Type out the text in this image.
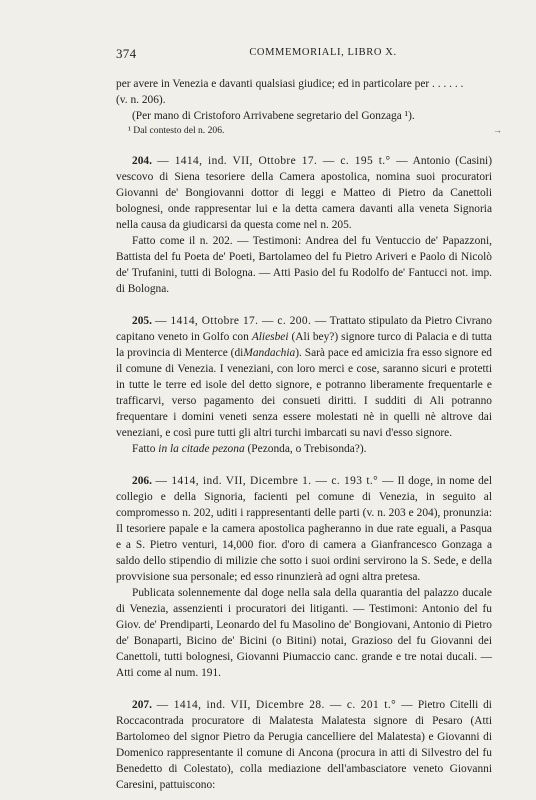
374	COMMEMORIALI, LIBRO X.

per avere in Venezia e davanti qualsiasi giudice; ed in particolare per . . . . . .

(v. n. 206).

(Per mano di Cristoforo Arrivabene segretario del Gonzaga ¹).

¹ Dal contesto del n. 206.	→

204. — 1414, ind. VII, Ottobre 17. — c. 195 t.° — Antonio (Casini) vescovo di Siena tesoriere della Camera apostolica, nomina suoi procuratori Giovanni de' Bongiovanni dottor di leggi e Matteo di Pietro da Canettoli bolognesi, onde rappresentar lui e la detta camera davanti alla veneta Signoria nella causa da giudicarsi da questa come nel n. 205.

Fatto come il n. 202. — Testimoni: Andrea del fu Ventuccio de' Papazzoni, Battista del fu Poeta de' Poeti, Bartolameo del fu Pietro Ariveri e Paolo di Nicolò de' Trufanini, tutti di Bologna. — Atti Pasio del fu Rodolfo de' Fantucci not. imp. di Bologna.

205. — 1414, Ottobre 17. — c. 200. — Trattato stipulato da Pietro Civrano capitano veneto in Golfo con Aliesbei (Ali bey?) signore turco di Palacia e di tutta la provincia di Menterce (diMandachia). Sarà pace ed amicizia fra esso signore ed il comune di Venezia. I veneziani, con loro merci e cose, saranno sicuri e protetti in tutte le terre ed isole del detto signore, e potranno liberamente frequentarle e trafficarvi, verso pagamento dei consueti diritti. I sudditi di Ali potranno frequentare i domini veneti senza essere molestati nè in quelli nè altrove dai veneziani, e così pure tutti gli altri turchi imbarcati su navi d'esso signore.

Fatto in la citade pezona (Pezonda, o Trebisonda?).

206. — 1414, ind. VII, Dicembre 1. — c. 193 t.° — Il doge, in nome del collegio e della Signoria, facienti pel comune di Venezia, in seguito al compromesso n. 202, uditi i rappresentanti delle parti (v. n. 203 e 204), pronunzia: Il tesoriere papale e la camera apostolica pagheranno in due rate eguali, a Pasqua e a S. Pietro venturi, 14,000 fior. d'oro di camera a Gianfrancesco Gonzaga a saldo dello stipendio di milizie che sotto i suoi ordini servirono la S. Sede, e della provvisione sua personale; ed esso rinunzierà ad ogni altra pretesa.

Publicata solennemente dal doge nella sala della quarantia del palazzo ducale di Venezia, assenzienti i procuratori dei litiganti. — Testimoni: Antonio del fu Giov. de' Prendiparti, Leonardo del fu Masolino de' Bongiovani, Antonio di Pietro de' Bonaparti, Bicino de' Bicini (o Bitini) notai, Grazioso del fu Giovanni dei Canettoli, tutti bolognesi, Giovanni Piumaccio canc. grande e tre notai ducali. — Atti come al num. 191.

207. — 1414, ind. VII, Dicembre 28. — c. 201 t.° — Pietro Citelli di Roccacontrada procuratore di Malatesta Malatesta signore di Pesaro (Atti Bartolomeo del signor Pietro da Perugia cancelliere del Malatesta) e Giovanni di Domenico rappresentante il comune di Ancona (procura in atti di Silvestro del fu Benedetto di Colestato), colla mediazione dell'ambasciatore veneto Giovanni Caresini, pattuiscono:
